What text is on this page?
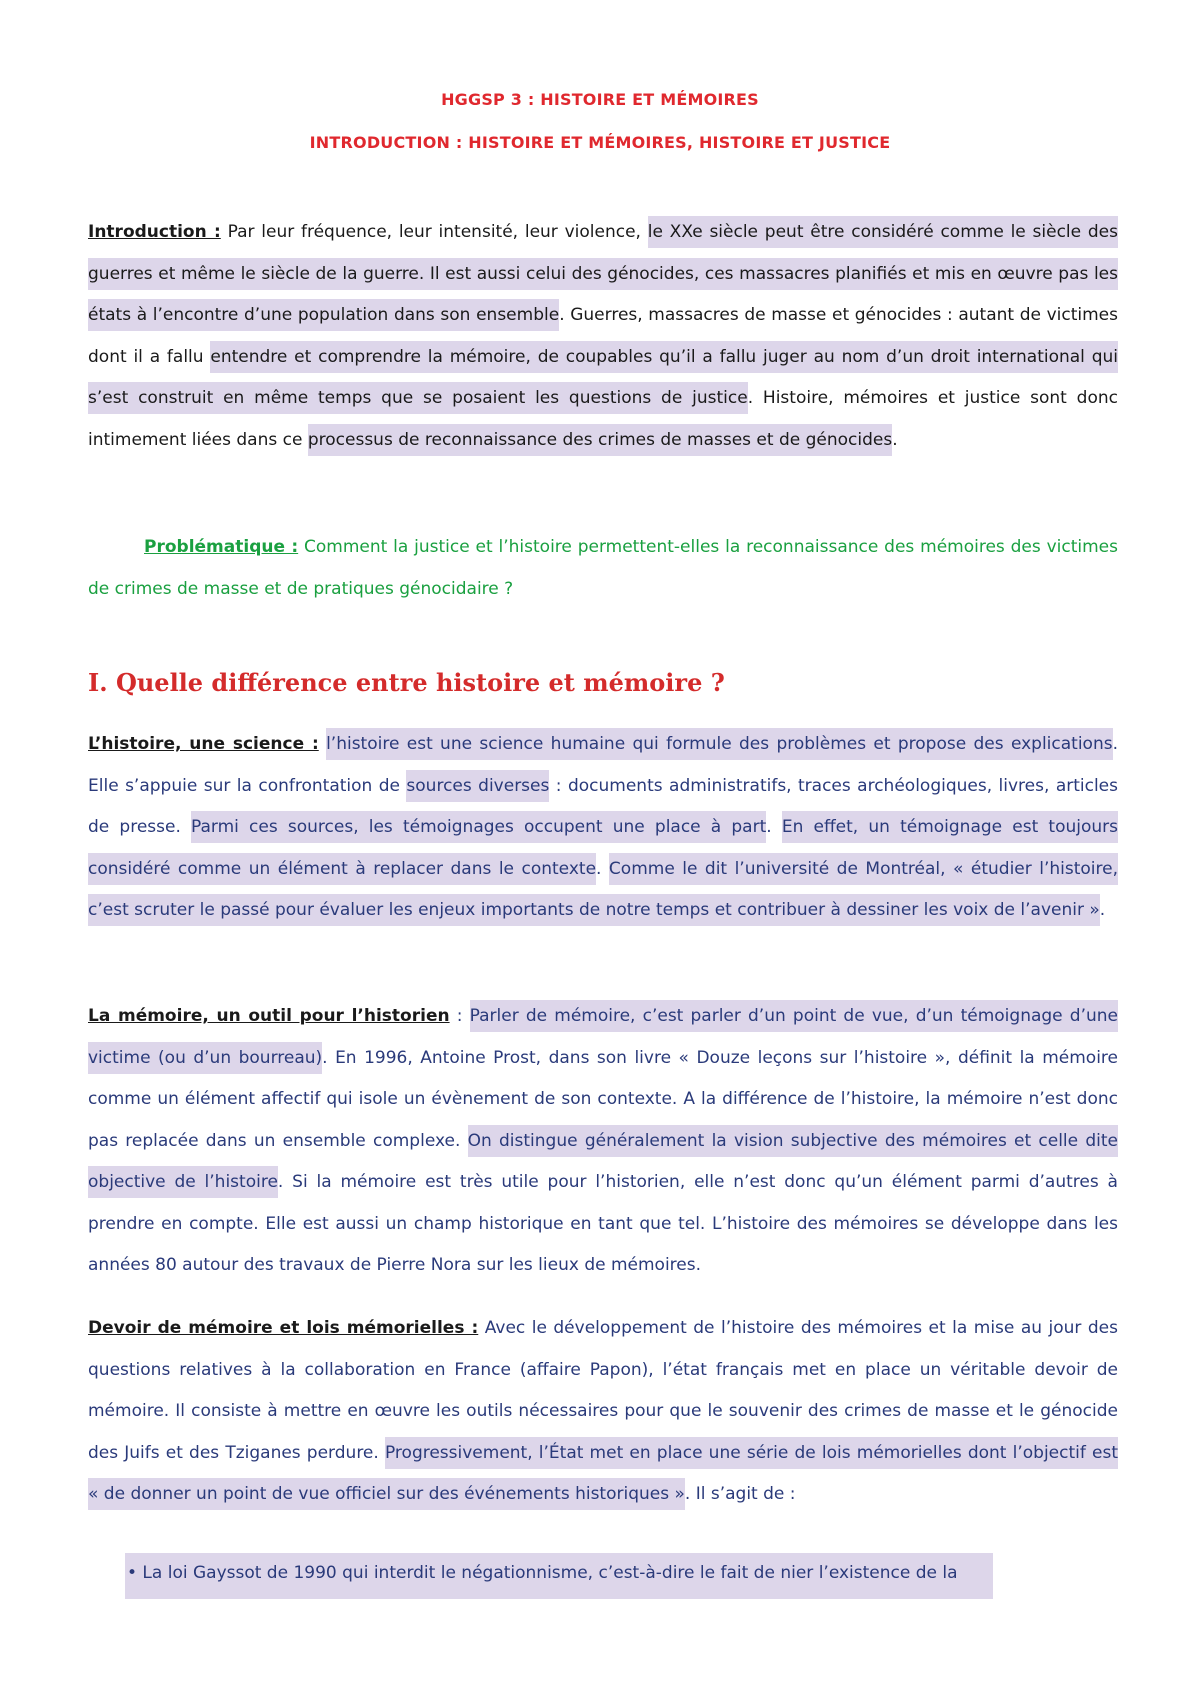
HGGSP 3 : HISTOIRE ET MÉMOIRES
INTRODUCTION : HISTOIRE ET MÉMOIRES, HISTOIRE ET JUSTICE
Introduction : Par leur fréquence, leur intensité, leur violence, le XXe siècle peut être considéré comme le siècle des guerres et même le siècle de la guerre. Il est aussi celui des génocides, ces massacres planifiés et mis en œuvre pas les états à l’encontre d’une population dans son ensemble. Guerres, massacres de masse et génocides : autant de victimes dont il a fallu entendre et comprendre la mémoire, de coupables qu’il a fallu juger au nom d’un droit international qui s’est construit en même temps que se posaient les questions de justice. Histoire, mémoires et justice sont donc intimement liées dans ce processus de reconnaissance des crimes de masses et de génocides.
Problématique : Comment la justice et l’histoire permettent-elles la reconnaissance des mémoires des victimes de crimes de masse et de pratiques génocidaire ?
I. Quelle différence entre histoire et mémoire ?
L’histoire, une science : l’histoire est une science humaine qui formule des problèmes et propose des explications. Elle s’appuie sur la confrontation de sources diverses : documents administratifs, traces archéologiques, livres, articles de presse. Parmi ces sources, les témoignages occupent une place à part. En effet, un témoignage est toujours considéré comme un élément à replacer dans le contexte. Comme le dit l’université de Montréal, « étudier l’histoire, c’est scruter le passé pour évaluer les enjeux importants de notre temps et contribuer à dessiner les voix de l’avenir ».
La mémoire, un outil pour l’historien : Parler de mémoire, c’est parler d’un point de vue, d’un témoignage d’une victime (ou d’un bourreau). En 1996, Antoine Prost, dans son livre « Douze leçons sur l’histoire », définit la mémoire comme un élément affectif qui isole un évènement de son contexte. A la différence de l’histoire, la mémoire n’est donc pas replacée dans un ensemble complexe. On distingue généralement la vision subjective des mémoires et celle dite objective de l’histoire. Si la mémoire est très utile pour l’historien, elle n’est donc qu’un élément parmi d’autres à prendre en compte. Elle est aussi un champ historique en tant que tel. L’histoire des mémoires se développe dans les années 80 autour des travaux de Pierre Nora sur les lieux de mémoires.
Devoir de mémoire et lois mémorielles : Avec le développement de l’histoire des mémoires et la mise au jour des questions relatives à la collaboration en France (affaire Papon), l’état français met en place un véritable devoir de mémoire. Il consiste à mettre en œuvre les outils nécessaires pour que le souvenir des crimes de masse et le génocide des Juifs et des Tziganes perdure. Progressivement, l’État met en place une série de lois mémorielles dont l’objectif est « de donner un point de vue officiel sur des événements historiques ». Il s’agit de :
• La loi Gayssot de 1990 qui interdit le négationnisme, c’est-à-dire le fait de nier l’existence de la
